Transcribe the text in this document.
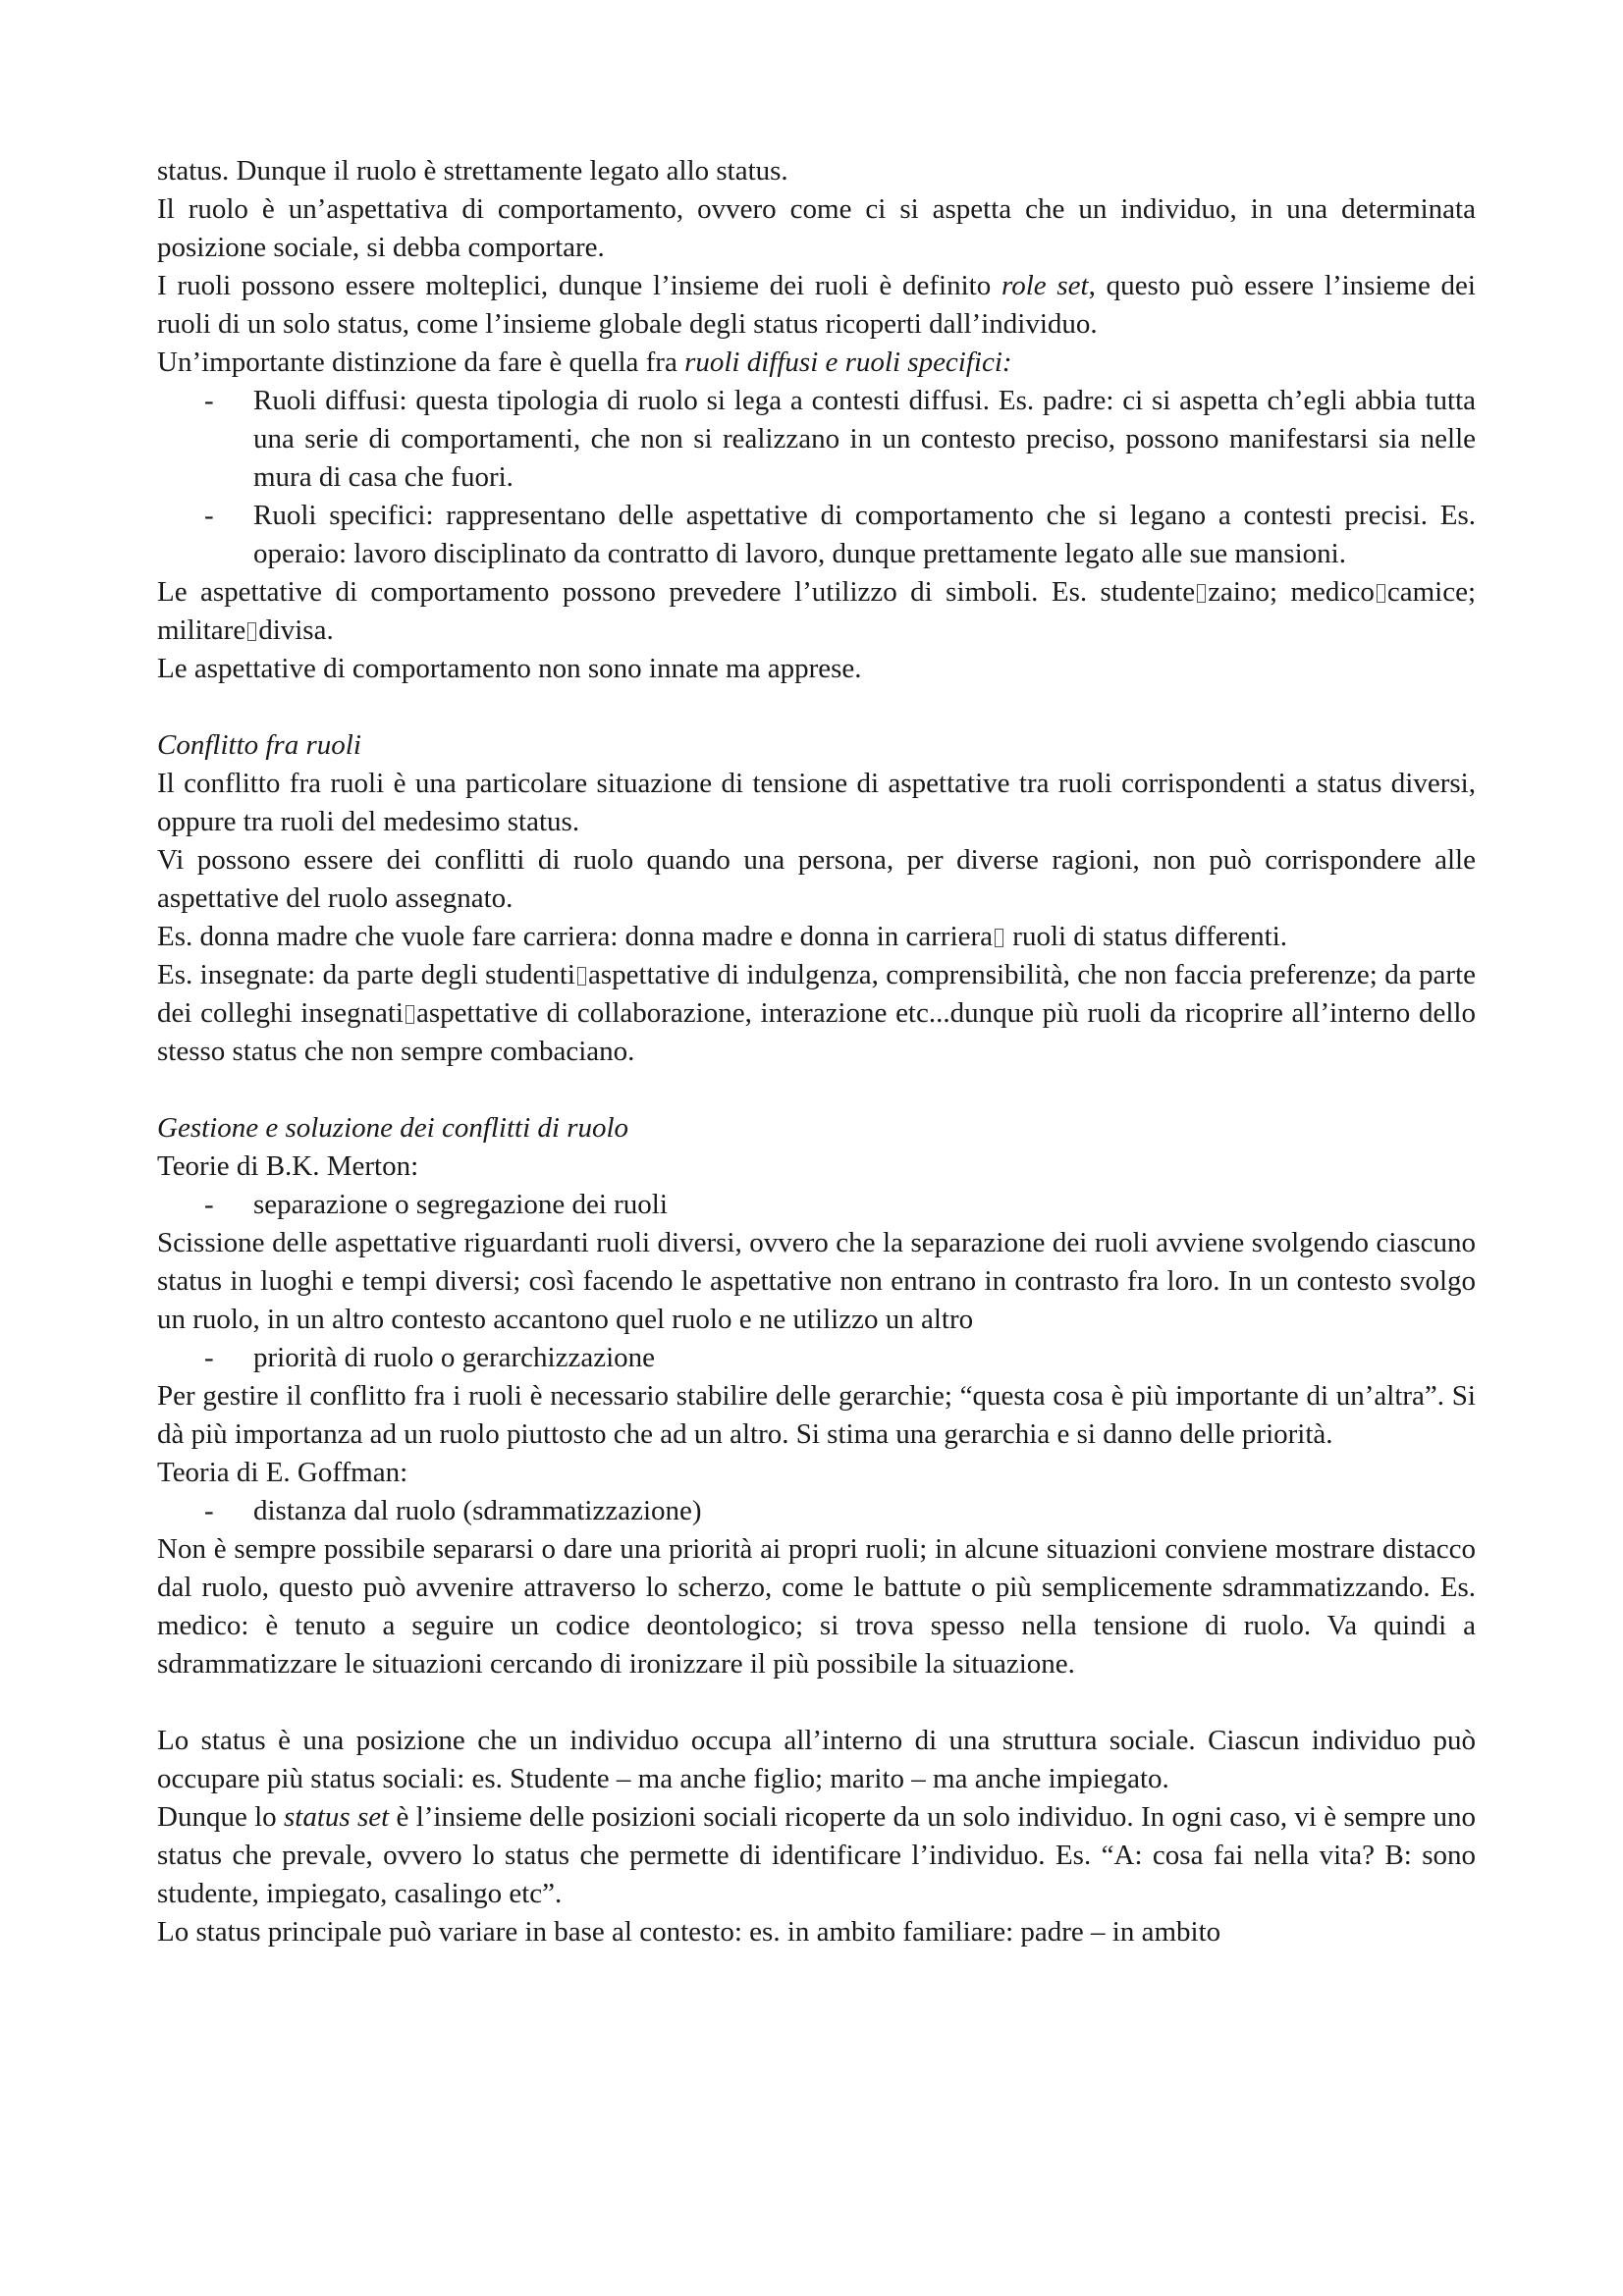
status. Dunque il ruolo è strettamente legato allo status.

Il ruolo è un’aspettativa di comportamento, ovvero come ci si aspetta che un individuo, in una determinata posizione sociale, si debba comportare.

I ruoli possono essere molteplici, dunque l’insieme dei ruoli è definito role set, questo può essere l’insieme dei ruoli di un solo status, come l’insieme globale degli status ricoperti dall’individuo.

Un’importante distinzione da fare è quella fra ruoli diffusi e ruoli specifici:

- Ruoli diffusi: questa tipologia di ruolo si lega a contesti diffusi. Es. padre: ci si aspetta ch’egli abbia tutta una serie di comportamenti, che non si realizzano in un contesto preciso, possono manifestarsi sia nelle mura di casa che fuori.
- Ruoli specifici: rappresentano delle aspettative di comportamento che si legano a contesti precisi. Es. operaio: lavoro disciplinato da contratto di lavoro, dunque prettamente legato alle sue mansioni.

Le aspettative di comportamento possono prevedere l’utilizzo di simboli. Es. studente zaino; medico camice; militare divisa.

Le aspettative di comportamento non sono innate ma apprese.

Conflitto fra ruoli

Il conflitto fra ruoli è una particolare situazione di tensione di aspettative tra ruoli corrispondenti a status diversi, oppure tra ruoli del medesimo status.

Vi possono essere dei conflitti di ruolo quando una persona, per diverse ragioni, non può corrispondere alle aspettative del ruolo assegnato.

Es. donna madre che vuole fare carriera: donna madre e donna in carriera ruoli di status differenti.

Es. insegnate: da parte degli studenti aspettative di indulgenza, comprensibilità, che non faccia preferenze; da parte dei colleghi insegnati aspettative di collaborazione, interazione etc...dunque più ruoli da ricoprire all’interno dello stesso status che non sempre combaciano.

Gestione e soluzione dei conflitti di ruolo

Teorie di B.K. Merton:

- separazione o segregazione dei ruoli

Scissione delle aspettative riguardanti ruoli diversi, ovvero che la separazione dei ruoli avviene svolgendo ciascuno status in luoghi e tempi diversi; così facendo le aspettative non entrano in contrasto fra loro. In un contesto svolgo un ruolo, in un altro contesto accantono quel ruolo e ne utilizzo un altro

- priorità di ruolo o gerarchizzazione

Per gestire il conflitto fra i ruoli è necessario stabilire delle gerarchie; “questa cosa è più importante di un’altra”. Si dà più importanza ad un ruolo piuttosto che ad un altro. Si stima una gerarchia e si danno delle priorità.

Teoria di E. Goffman:

- distanza dal ruolo (sdrammatizzazione)

Non è sempre possibile separarsi o dare una priorità ai propri ruoli; in alcune situazioni conviene mostrare distacco dal ruolo, questo può avvenire attraverso lo scherzo, come le battute o più semplicemente sdrammatizzando. Es. medico: è tenuto a seguire un codice deontologico; si trova spesso nella tensione di ruolo. Va quindi a sdrammatizzare le situazioni cercando di ironizzare il più possibile la situazione.

Lo status è una posizione che un individuo occupa all’interno di una struttura sociale. Ciascun individuo può occupare più status sociali: es. Studente – ma anche figlio; marito – ma anche impiegato.

Dunque lo status set è l’insieme delle posizioni sociali ricoperte da un solo individuo. In ogni caso, vi è sempre uno status che prevale, ovvero lo status che permette di identificare l’individuo. Es. “A: cosa fai nella vita? B: sono studente, impiegato, casalingo etc”.

Lo status principale può variare in base al contesto: es. in ambito familiare: padre – in ambito
